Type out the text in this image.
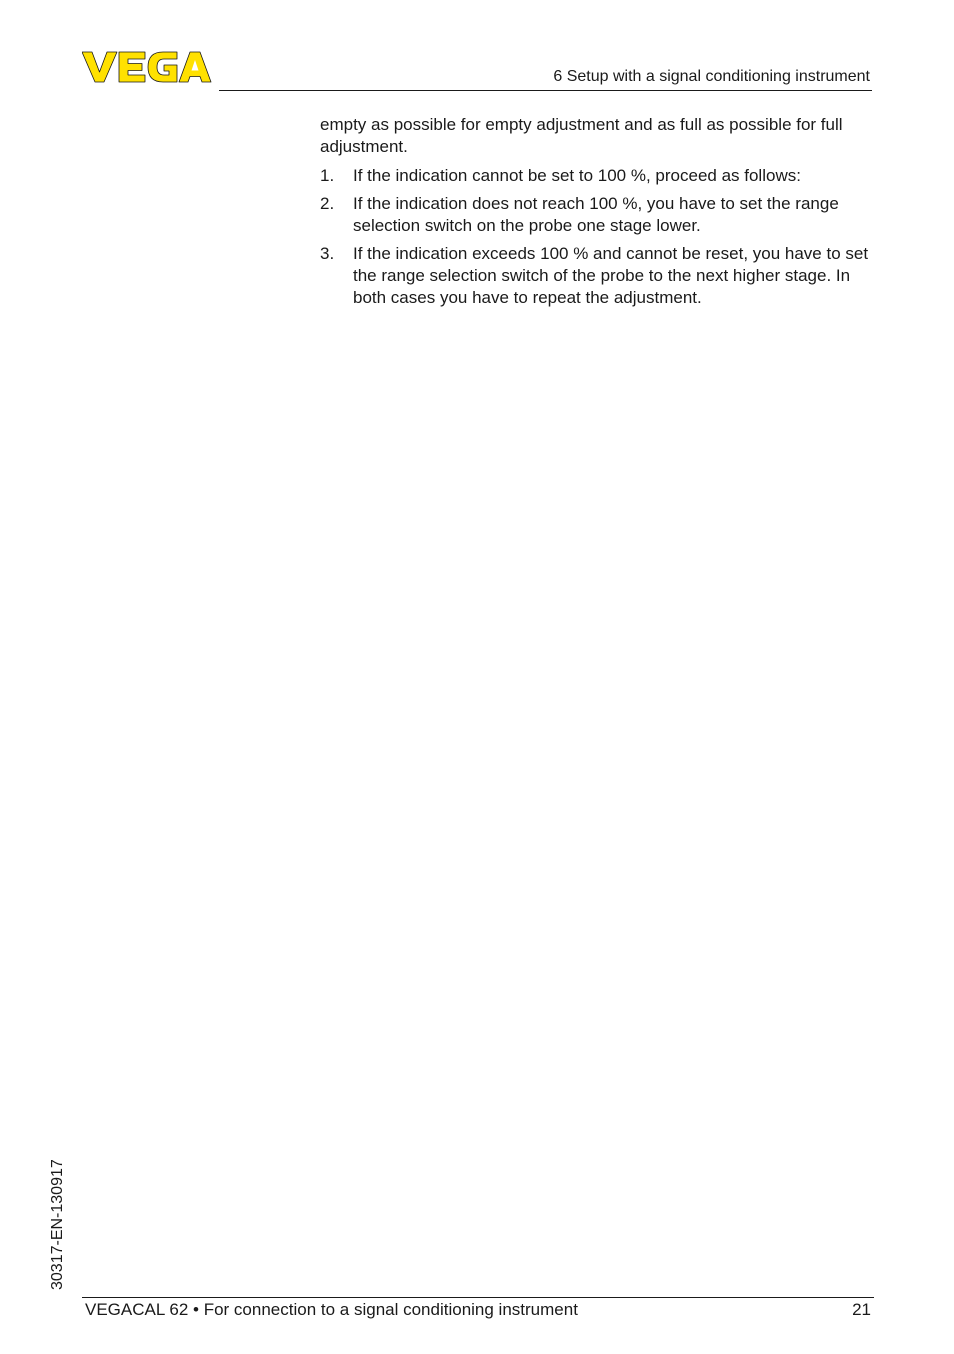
6 Setup with a signal conditioning instrument

empty as possible for empty adjustment and as full as possible for full adjustment.

1. If the indication cannot be set to 100 %, proceed as follows:
2. If the indication does not reach 100 %, you have to set the range selection switch on the probe one stage lower.
3. If the indication exceeds 100 % and cannot be reset, you have to set the range selection switch of the probe to the next higher stage. In both cases you have to repeat the adjustment.
30317-EN-130917
VEGACAL 62 • For connection to a signal conditioning instrument	21
